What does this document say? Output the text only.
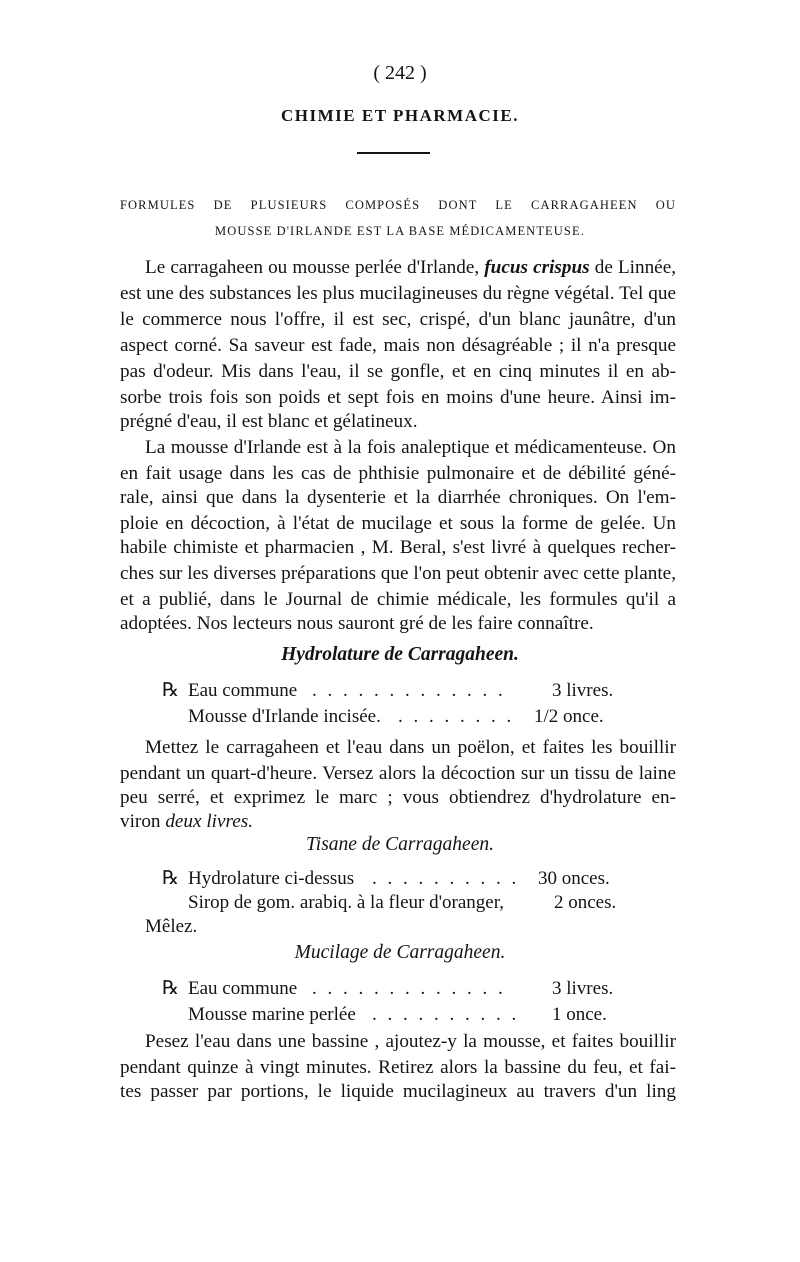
( 242 )
CHIMIE ET PHARMACIE.
FORMULES DE PLUSIEURS COMPOSÉS DONT LE CARRAGAHEEN OU
MOUSSE D'IRLANDE EST LA BASE MÉDICAMENTEUSE.
Le carragaheen ou mousse perlée d'Irlande, fucus crispus de Linnée,
est une des substances les plus mucilagineuses du règne végétal. Tel que
le commerce nous l'offre, il est sec, crispé, d'un blanc jaunâtre, d'un
aspect corné. Sa saveur est fade, mais non désagréable ; il n'a presque
pas d'odeur. Mis dans l'eau, il se gonfle, et en cinq minutes il en ab-
sorbe trois fois son poids et sept fois en moins d'une heure. Ainsi im-
prégné d'eau, il est blanc et gélatineux.
La mousse d'Irlande est à la fois analeptique et médicamenteuse. On
en fait usage dans les cas de phthisie pulmonaire et de débilité géné-
rale, ainsi que dans la dysenterie et la diarrhée chroniques. On l'em-
ploie en décoction, à l'état de mucilage et sous la forme de gelée. Un
habile chimiste et pharmacien , M. Beral, s'est livré à quelques recher-
ches sur les diverses préparations que l'on peut obtenir avec cette plante,
et a publié, dans le Journal de chimie médicale, les formules qu'il a
adoptées. Nos lecteurs nous sauront gré de les faire connaître.
Hydrolature de Carragaheen.
℞ Eau commune . . . . . . . . . . . . . 3 livres.
Mousse d'Irlande incisée. . . . . . . . . 1/2 once.
Mettez le carragaheen et l'eau dans un poëlon, et faites les bouillir
pendant un quart-d'heure. Versez alors la décoction sur un tissu de laine
peu serré, et exprimez le marc ; vous obtiendrez d'hydrolature en-
viron deux livres.
Tisane de Carragaheen.
℞ Hydrolature ci-dessus . . . . . . . . . . 30 onces.
Sirop de gom. arabiq. à la fleur d'oranger,	2 onces.
Mêlez.
Mucilage de Carragaheen.
℞ Eau commune . . . . . . . . . . . . . 3 livres.
Mousse marine perlée . . . . . . . . . . 1 once.
Pesez l'eau dans une bassine , ajoutez-y la mousse, et faites bouillir
pendant quinze à vingt minutes. Retirez alors la bassine du feu, et fai-
tes passer par portions, le liquide mucilagineux au travers d'un ling
